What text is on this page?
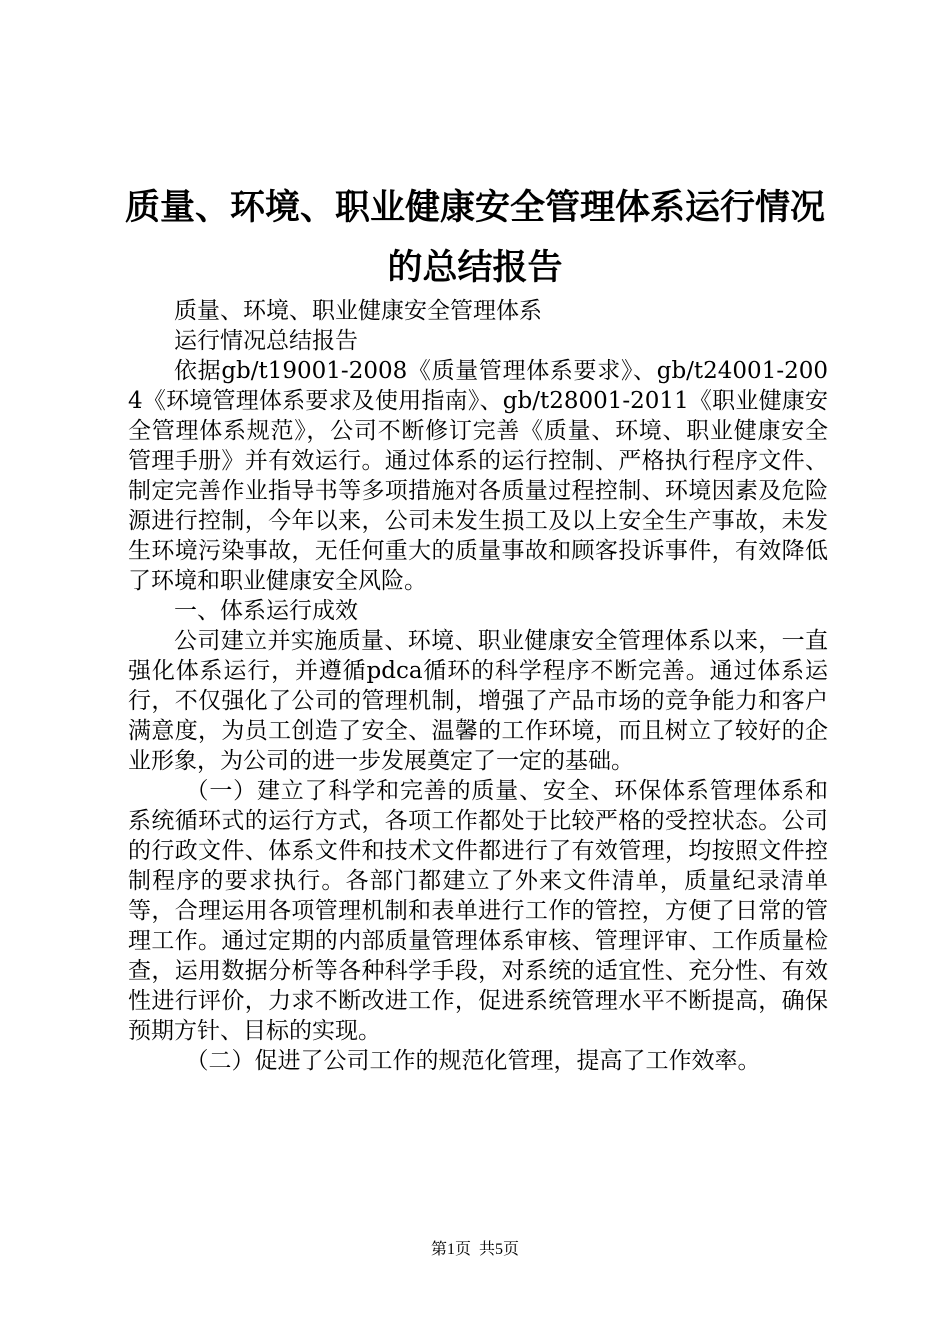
质量、环境、职业健康安全管理体系运行情况
的总结报告

质量、环境、职业健康安全管理体系

运行情况总结报告

依据gb/t19001-2008《质量管理体系要求》、gb/t24001-2004《环境管理体系要求及使用指南》、gb/t28001-2011《职业健康安全管理体系规范》，公司不断修订完善《质量、环境、职业健康安全管理手册》并有效运行。通过体系的运行控制、严格执行程序文件、制定完善作业指导书等多项措施对各质量过程控制、环境因素及危险源进行控制，今年以来，公司未发生损工及以上安全生产事故，未发生环境污染事故，无任何重大的质量事故和顾客投诉事件，有效降低了环境和职业健康安全风险。

一、体系运行成效

公司建立并实施质量、环境、职业健康安全管理体系以来，一直强化体系运行，并遵循pdca循环的科学程序不断完善。通过体系运行，不仅强化了公司的管理机制，增强了产品市场的竞争能力和客户满意度，为员工创造了安全、温馨的工作环境，而且树立了较好的企业形象，为公司的进一步发展奠定了一定的基础。

（一）建立了科学和完善的质量、安全、环保体系管理体系和系统循环式的运行方式，各项工作都处于比较严格的受控状态。公司的行政文件、体系文件和技术文件都进行了有效管理，均按照文件控制程序的要求执行。各部门都建立了外来文件清单，质量纪录清单等，合理运用各项管理机制和表单进行工作的管控，方便了日常的管理工作。通过定期的内部质量管理体系审核、管理评审、工作质量检查，运用数据分析等各种科学手段，对系统的适宜性、充分性、有效性进行评价，力求不断改进工作，促进系统管理水平不断提高，确保预期方针、目标的实现。

（二）促进了公司工作的规范化管理，提高了工作效率。

第1页  共5页
